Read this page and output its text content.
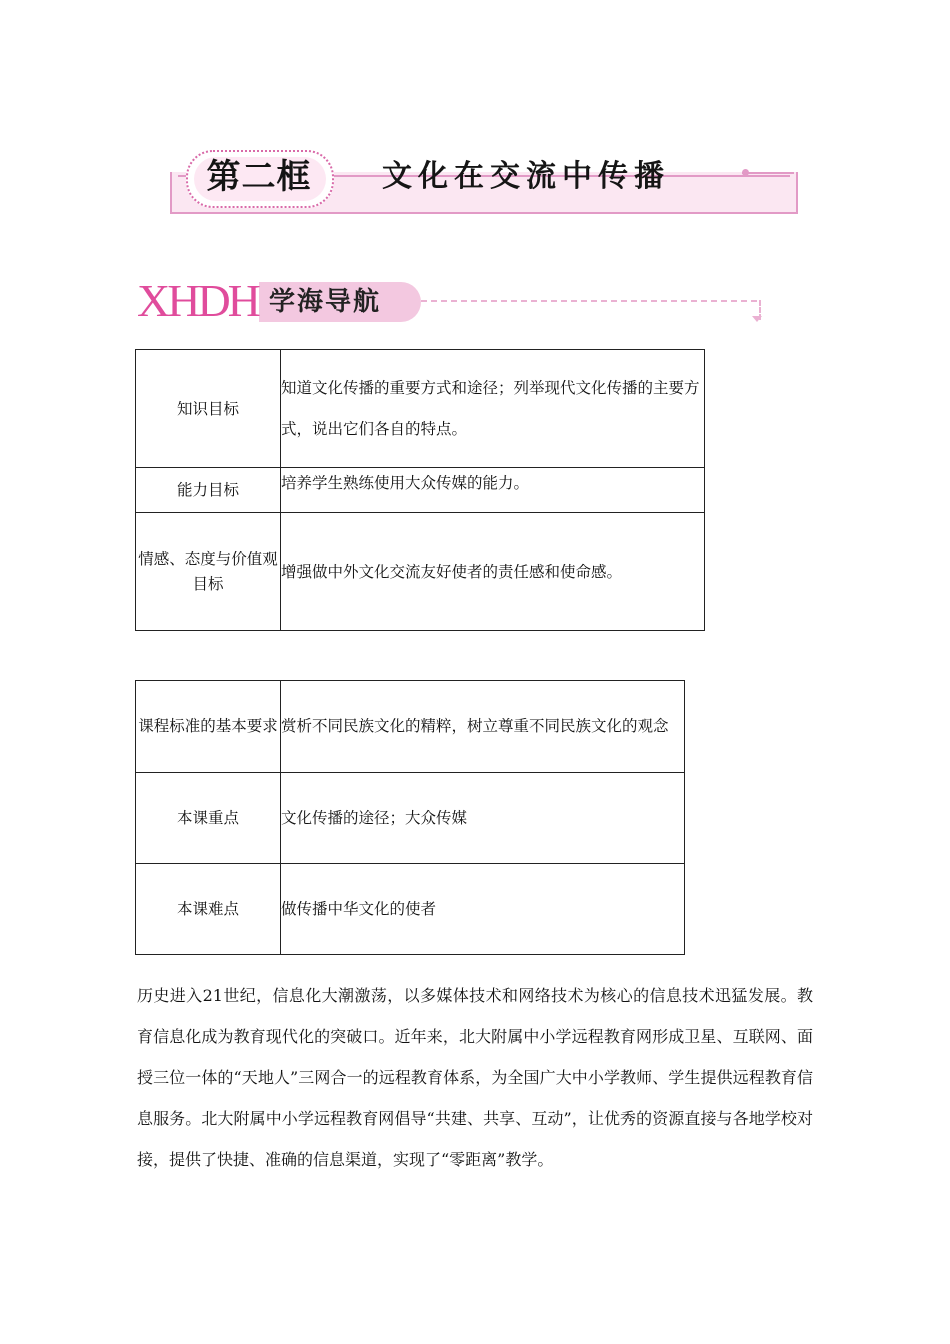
第二框	文化在交流中传播
XHDH 学海导航
知识目标	知道文化传播的重要方式和途径；列举现代文化传播的主要方式，说出它们各自的特点。
能力目标	培养学生熟练使用大众传媒的能力。
情感、态度与价值观目标	增强做中外文化交流友好使者的责任感和使命感。
课程标准的基本要求	赏析不同民族文化的精粹，树立尊重不同民族文化的观念
本课重点	文化传播的途径；大众传媒
本课难点	做传播中华文化的使者

历史进入21世纪，信息化大潮激荡，以多媒体技术和网络技术为核心的信息技术迅猛发展。教育信息化成为教育现代化的突破口。近年来，北大附属中小学远程教育网形成卫星、互联网、面授三位一体的“天地人”三网合一的远程教育体系，为全国广大中小学教师、学生提供远程教育信息服务。北大附属中小学远程教育网倡导“共建、共享、互动”，让优秀的资源直接与各地学校对接，提供了快捷、准确的信息渠道，实现了“零距离”教学。
